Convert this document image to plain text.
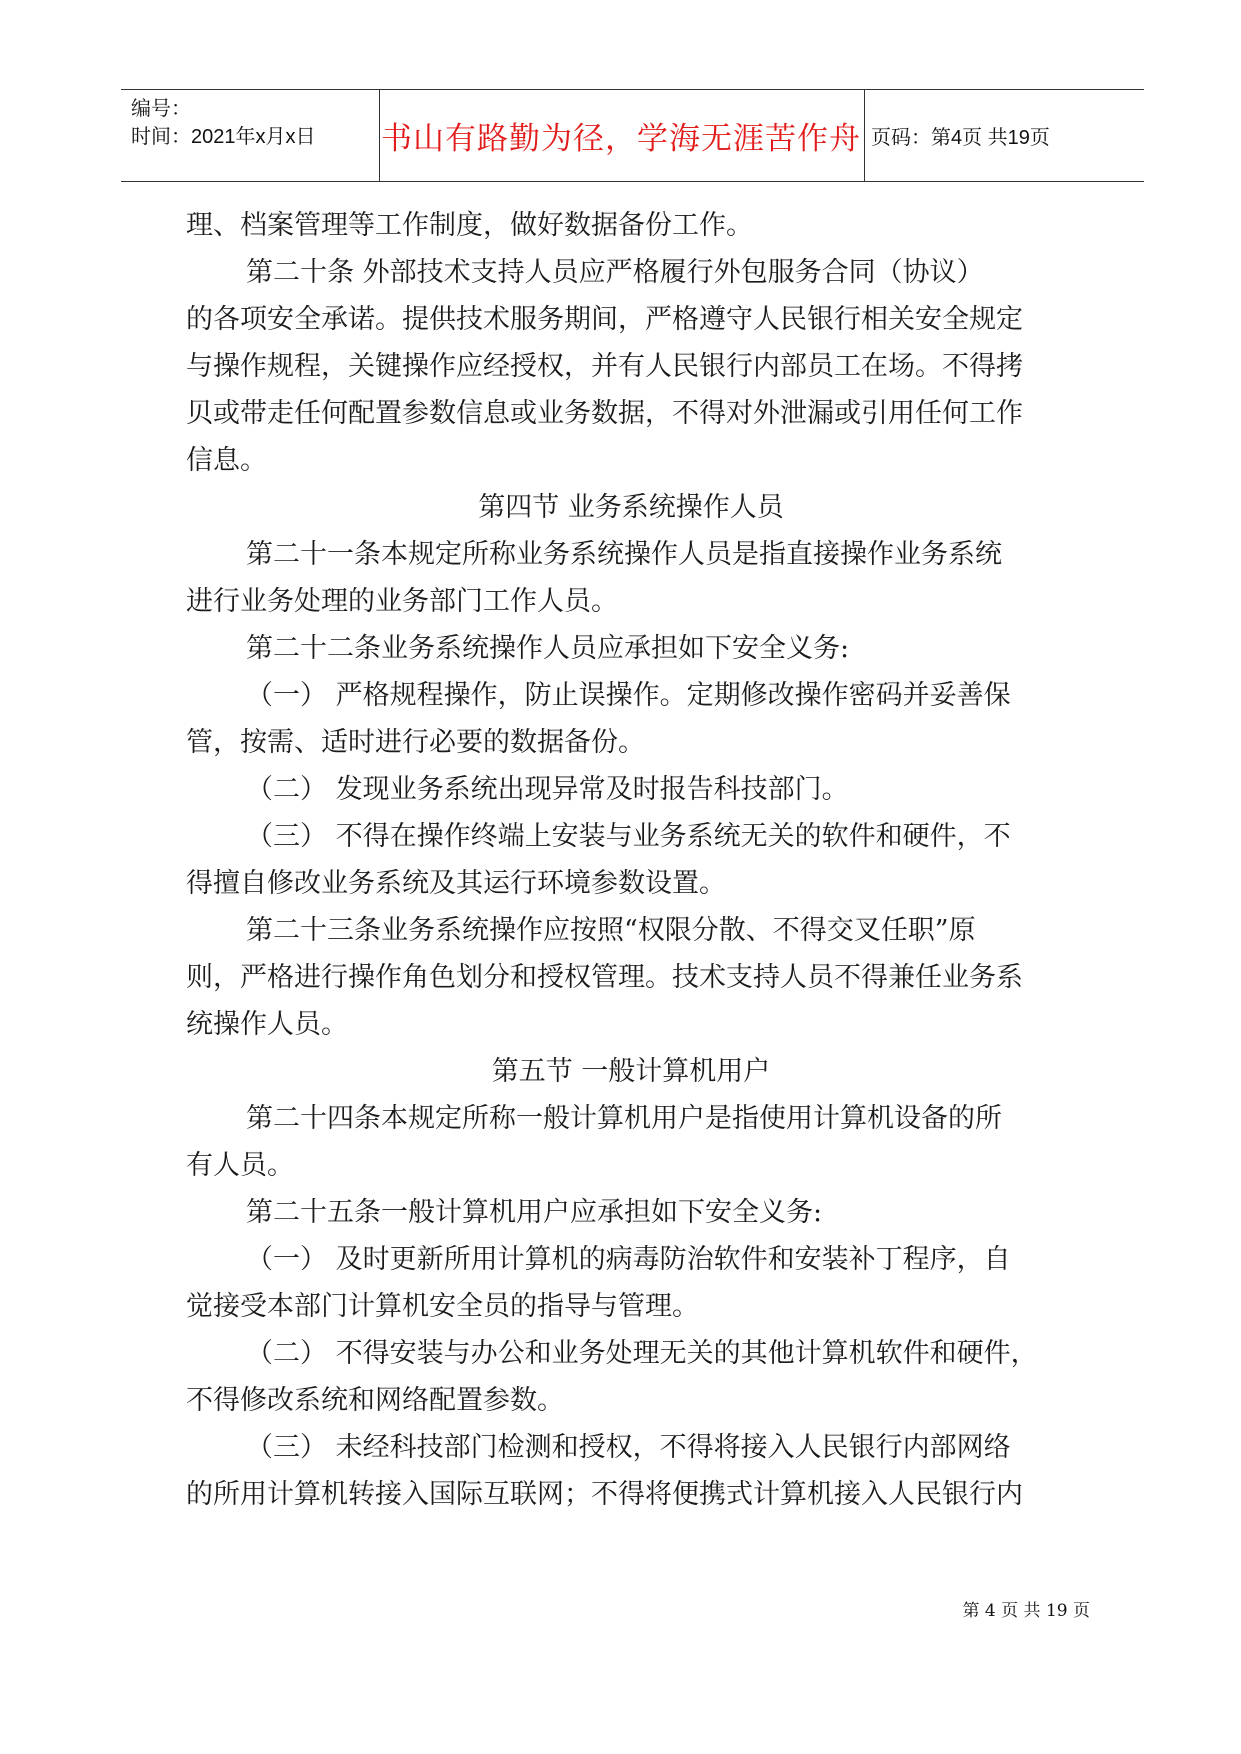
编号：
时间：2021年x月x日 书山有路勤为径，学海无涯苦作舟 页码：第4页 共19页
理、档案管理等工作制度，做好数据备份工作。
第二十条 外部技术支持人员应严格履行外包服务合同（协议）
的各项安全承诺。提供技术服务期间，严格遵守人民银行相关安全规定
与操作规程，关键操作应经授权，并有人民银行内部员工在场。不得拷
贝或带走任何配置参数信息或业务数据，不得对外泄漏或引用任何工作
信息。
第四节 业务系统操作人员
第二十一条本规定所称业务系统操作人员是指直接操作业务系统
进行业务处理的业务部门工作人员。
第二十二条业务系统操作人员应承担如下安全义务:
（一） 严格规程操作，防止误操作。定期修改操作密码并妥善保
管，按需、适时进行必要的数据备份。
（二） 发现业务系统出现异常及时报告科技部门。
（三） 不得在操作终端上安装与业务系统无关的软件和硬件，不
得擅自修改业务系统及其运行环境参数设置。
第二十三条业务系统操作应按照“权限分散、不得交叉任职”原
则，严格进行操作角色划分和授权管理。技术支持人员不得兼任业务系
统操作人员。
第五节 一般计算机用户
第二十四条本规定所称一般计算机用户是指使用计算机设备的所
有人员。
第二十五条一般计算机用户应承担如下安全义务:
（一） 及时更新所用计算机的病毒防治软件和安装补丁程序，自
觉接受本部门计算机安全员的指导与管理。
（二） 不得安装与办公和业务处理无关的其他计算机软件和硬件，
不得修改系统和网络配置参数。
（三） 未经科技部门检测和授权，不得将接入人民银行内部网络
的所用计算机转接入国际互联网；不得将便携式计算机接入人民银行内
第 4 页 共 19 页
